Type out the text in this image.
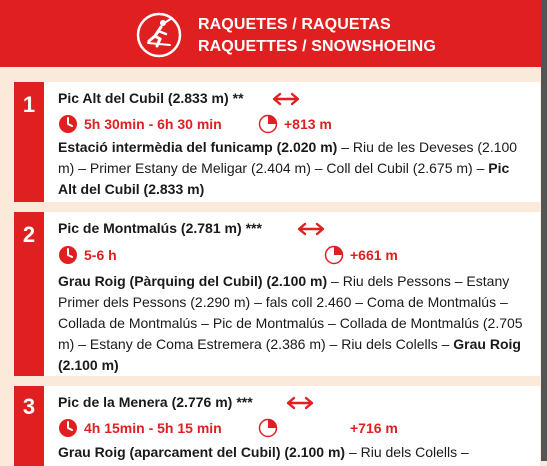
RAQUETES / RAQUETAS
RAQUETTES / SNOWSHOEING
1	Pic Alt del Cubil (2.833 m) **
5h 30min - 6h 30 min	+813 m
Estació intermèdia del funicamp (2.020 m) – Riu de les Deveses (2.100 m) – Primer Estany de Meligar (2.404 m) – Coll del Cubil (2.675 m) – Pic Alt del Cubil (2.833 m)
2	Pic de Montmalús (2.781 m) ***
5-6 h	+661 m
Grau Roig (Pàrquing del Cubil) (2.100 m) – Riu dels Pessons – Estany Primer dels Pessons (2.290 m) – fals coll 2.460 – Coma de Montmalús – Collada de Montmalús – Pic de Montmalús – Collada de Montmalús (2.705 m) – Estany de Coma Estremera (2.386 m) – Riu dels Colells – Grau Roig (2.100 m)
3	Pic de la Menera (2.776 m) ***
4h 15min - 5h 15 min	+716 m
Grau Roig (aparcament del Cubil) (2.100 m) – Riu dels Colells –
